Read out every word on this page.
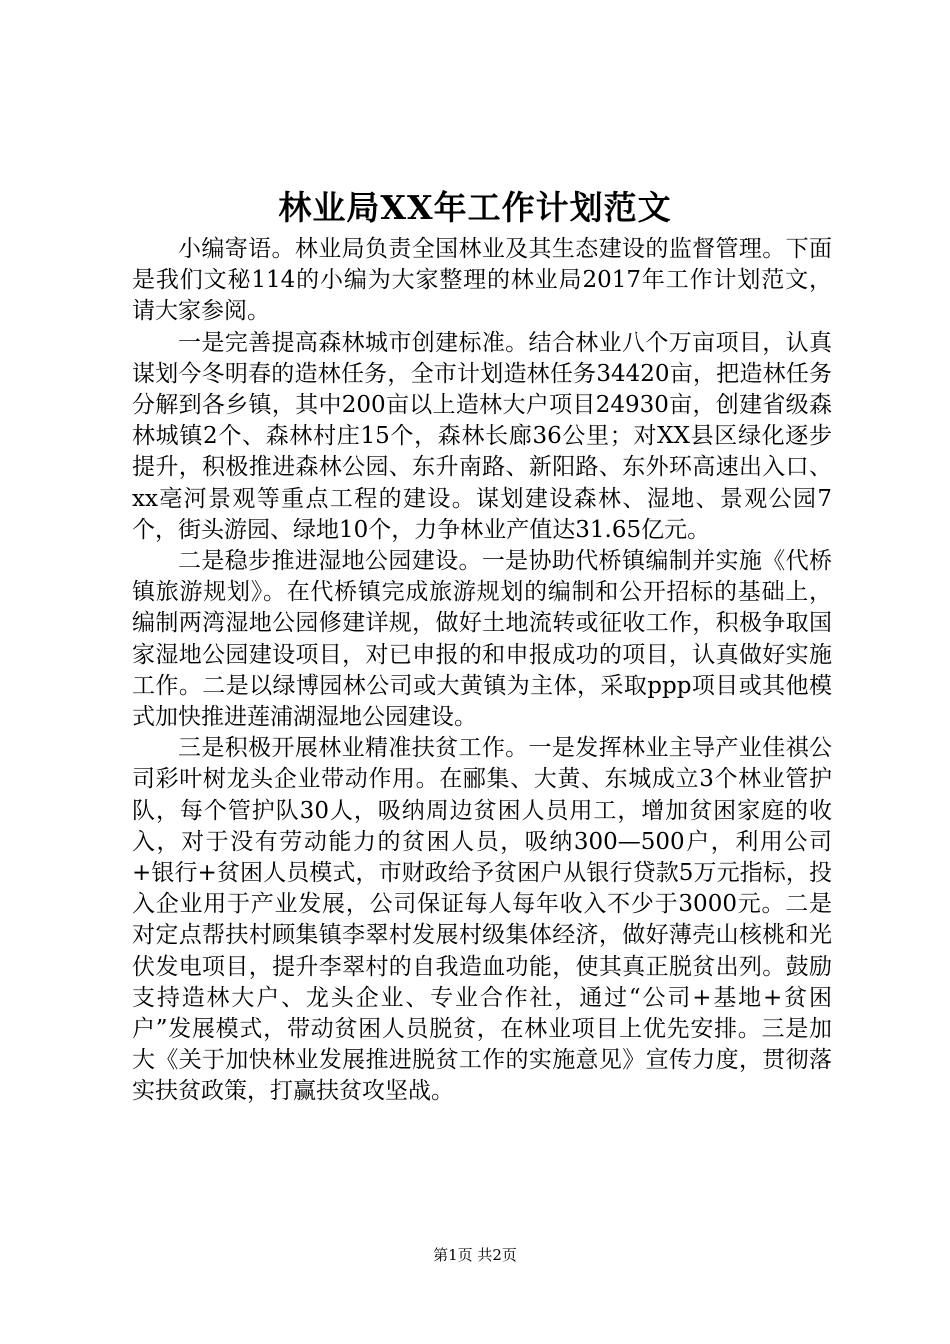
林业局XX年工作计划范文

小编寄语。林业局负责全国林业及其生态建设的监督管理。下面是我们文秘114的小编为大家整理的林业局2017年工作计划范文，请大家参阅。

一是完善提高森林城市创建标准。结合林业八个万亩项目，认真谋划今冬明春的造林任务，全市计划造林任务34420亩，把造林任务分解到各乡镇，其中200亩以上造林大户项目24930亩，创建省级森林城镇2个、森林村庄15个，森林长廊36公里；对XX县区绿化逐步提升，积极推进森林公园、东升南路、新阳路、东外环高速出入口、xx亳河景观等重点工程的建设。谋划建设森林、湿地、景观公园7个，街头游园、绿地10个，力争林业产值达31.65亿元。

二是稳步推进湿地公园建设。一是协助代桥镇编制并实施《代桥镇旅游规划》。在代桥镇完成旅游规划的编制和公开招标的基础上，编制两湾湿地公园修建详规，做好土地流转或征收工作，积极争取国家湿地公园建设项目，对已申报的和申报成功的项目，认真做好实施工作。二是以绿博园林公司或大黄镇为主体，采取ppp项目或其他模式加快推进莲浦湖湿地公园建设。

三是积极开展林业精准扶贫工作。一是发挥林业主导产业佳祺公司彩叶树龙头企业带动作用。在郦集、大黄、东城成立3个林业管护队，每个管护队30人，吸纳周边贫困人员用工，增加贫困家庭的收入，对于没有劳动能力的贫困人员，吸纳300—500户，利用公司+银行+贫困人员模式，市财政给予贫困户从银行贷款5万元指标，投入企业用于产业发展，公司保证每人每年收入不少于3000元。二是对定点帮扶村顾集镇李翠村发展村级集体经济，做好薄壳山核桃和光伏发电项目，提升李翠村的自我造血功能，使其真正脱贫出列。鼓励支持造林大户、龙头企业、专业合作社，通过“公司+基地+贫困户”发展模式，带动贫困人员脱贫，在林业项目上优先安排。三是加大《关于加快林业发展推进脱贫工作的实施意见》宣传力度，贯彻落实扶贫政策，打赢扶贫攻坚战。

第1页 共2页
